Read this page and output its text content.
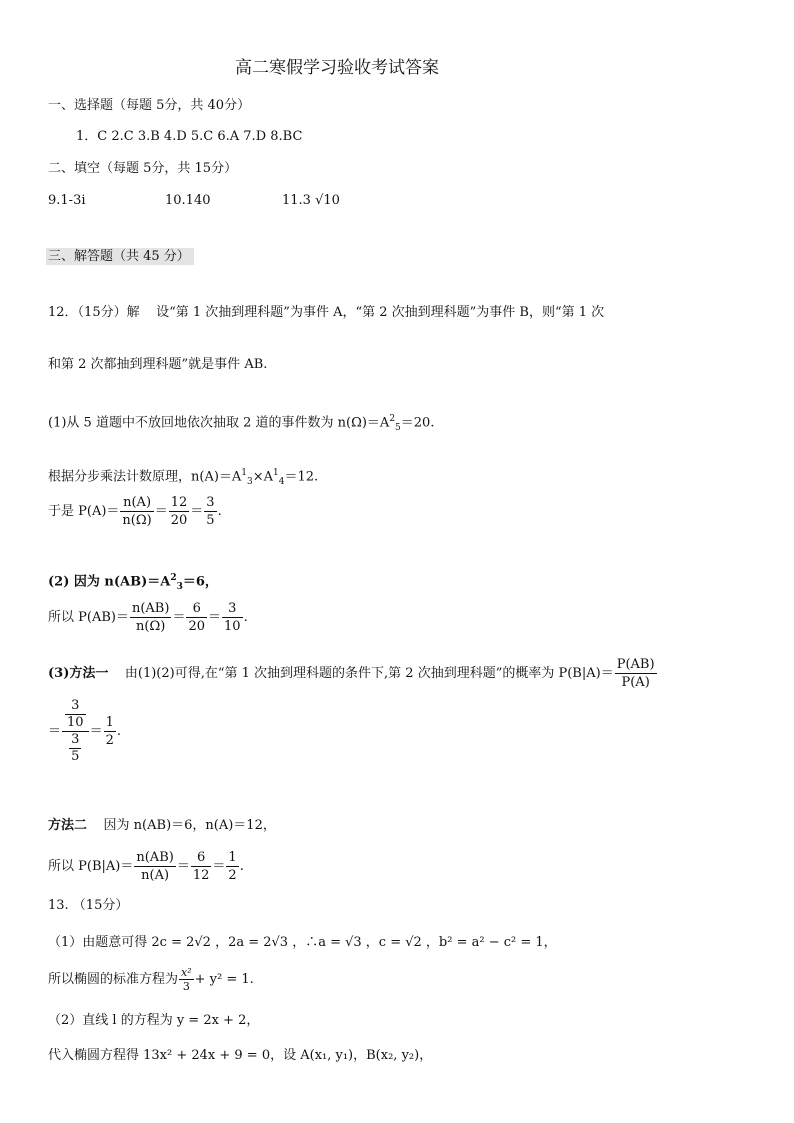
高二寒假学习验收考试答案
一、选择题（每题 5分，共 40分）
1．C 2.C 3.B 4.D 5.C 6.A 7.D 8.BC
二、填空（每题 5分，共 15分）
9.1-3i	10.140	11.3 √10
三、解答题（共 45 分）
12．（15分）解 设“第 1 次抽到理科题”为事件 A，“第 2 次抽到理科题”为事件 B，则“第 1 次
和第 2 次都抽到理科题”就是事件 AB.
(1)从 5 道题中不放回地依次抽取 2 道的事件数为 $n(\Omega)=A^2_5=20$.
根据分步乘法计数原理，$n(A)=A^1_3\times A^1_4=12$.
于是 $P(A)= \frac{n(A)}{n(\Omega)} = \frac{12}{20} = \frac{3}{5}$ .
(2) 因为 $n(AB)=A^2_3=6$，
所以 $P(AB)= \frac{n(AB)}{n(\Omega)} = \frac{6}{20} = \frac{3}{10}$ .
(3)方法一 由(1)(2)可得,在“第 1 次抽到理科题的条件下,第 2 次抽到理科题”的概率为 $P(B|A)= \frac{P(AB)}{P(A)}$
＝ $\frac{\frac{3}{10}}{\frac{3}{5}} = \frac{1}{2}$ .
方法二 因为 n(AB)＝6，n(A)＝12，
所以 $P(B|A)= \frac{n(AB)}{n(A)} = \frac{6}{12} = \frac{1}{2}$ .
13. （15分）
（1）由题意可得 2c = 2√2 ，2a = 2√3 ，∴a = √3 ，c = √2 ，b² = a² − c² = 1，
所以椭圆的标准方程为 $\frac{\text{x²}}{3} + y^2 = 1$.
（2）直线 l 的方程为 y = 2x + 2，
代入椭圆方程得 13x² + 24x + 9 = 0，设 A(x₁, y₁)，B(x₂, y₂)，
